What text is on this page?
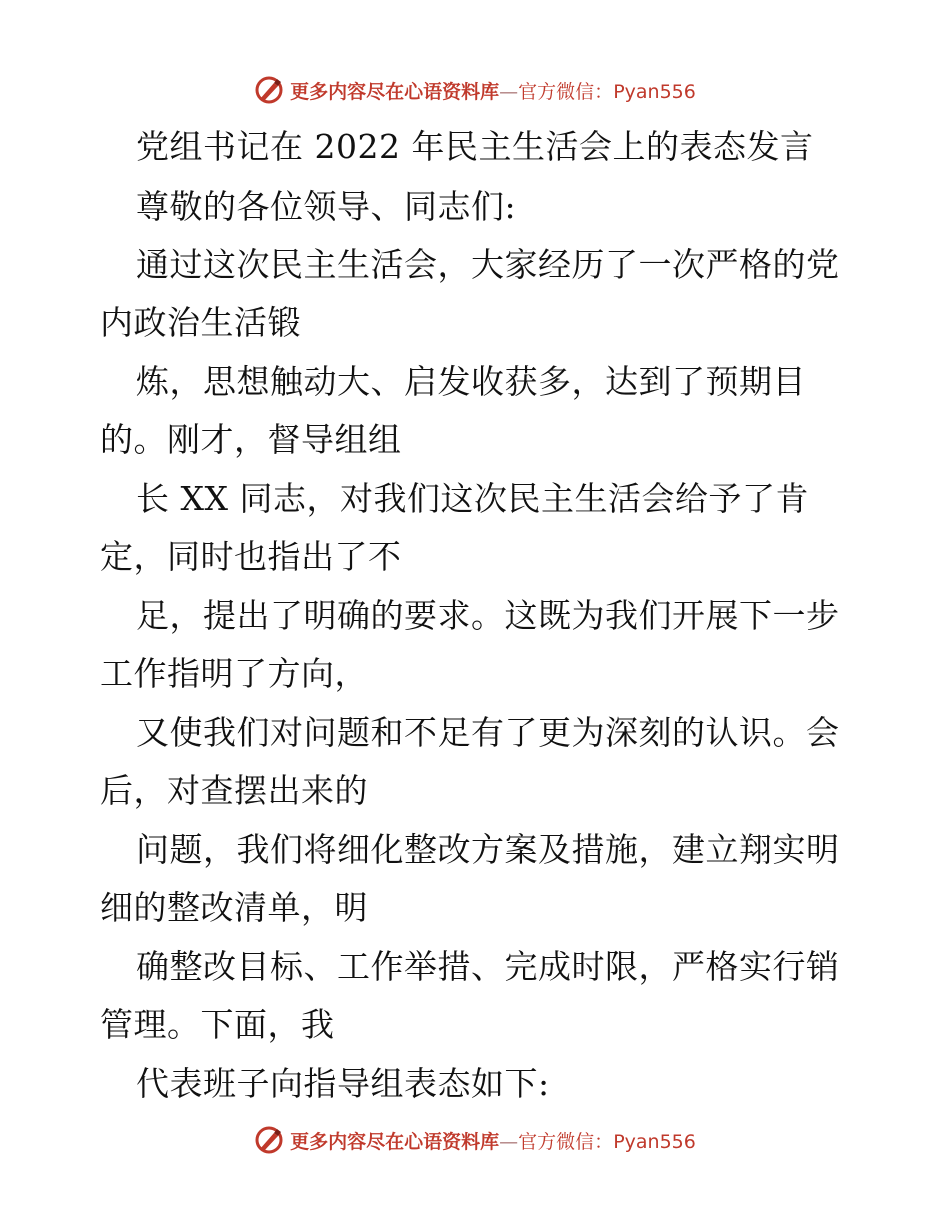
更多内容尽在心语资料库—官方微信：Pyan556
党组书记在 2022 年民主生活会上的表态发言
尊敬的各位领导、同志们:
通过这次民主生活会，大家经历了一次严格的党
内政治生活锻
炼，思想触动大、启发收获多，达到了预期目
的。刚才，督导组组
长 XX 同志，对我们这次民主生活会给予了肯
定，同时也指出了不
足，提出了明确的要求。这既为我们开展下一步
工作指明了方向，
又使我们对问题和不足有了更为深刻的认识。会
后，对查摆出来的
问题，我们将细化整改方案及措施，建立翔实明
细的整改清单，明
确整改目标、工作举措、完成时限，严格实行销
管理。下面，我
代表班子向指导组表态如下:
更多内容尽在心语资料库—官方微信：Pyan556
